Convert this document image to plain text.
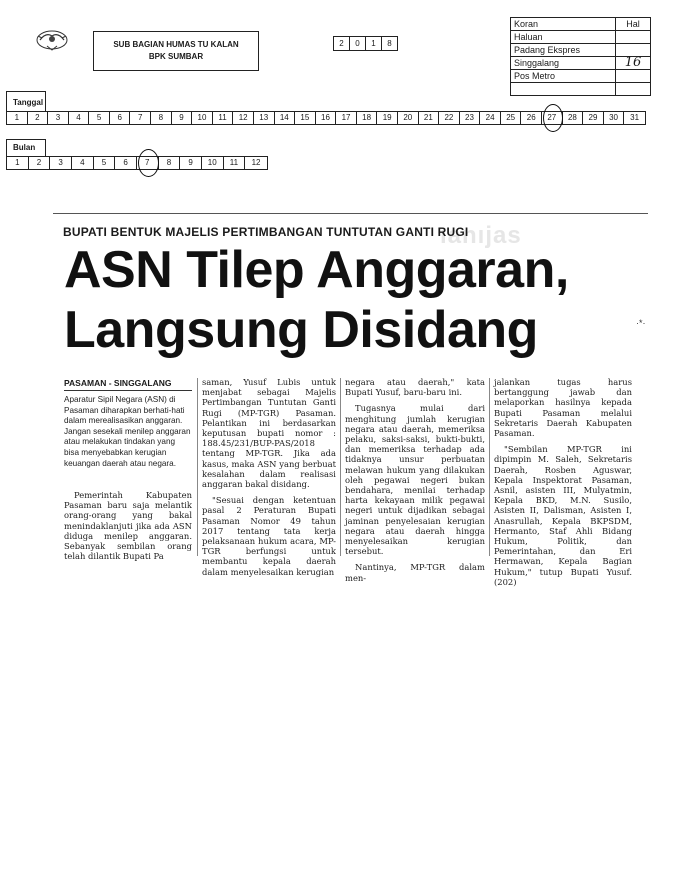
SUB BAGIAN HUMAS TU KALAN
BPK SUMBAR
2	0	1	8
Koran	Hal
Haluan	
Padang Ekspres	
Singgalang	16
Pos Metro	

Tanggal
1	2	3	4	5	6	7	8	9	10	11	12	13	14	15	16	17	18	19	20	21	22	23	24	25	26	27	28	29	30	31
Bulan
1	2	3	4	5	6	7	8	9	10	11	12
ıanıjas
BUPATI BENTUK MAJELIS PERTIMBANGAN TUNTUTAN GANTI RUGI
ASN Tilep Anggaran,
Langsung Disidang
PASAMAN - SINGGALANG
Aparatur Sipil Negara (ASN) di Pasaman diharapkan berhati-hati dalam merealisasikan anggaran. Jangan sesekali menilep anggaran atau melakukan tindakan yang bisa menyebabkan kerugian keuangan daerah atau negara.

Pemerintah Kabupaten Pasaman baru saja melantik orang-orang yang bakal menindaklanjuti jika ada ASN diduga menilep anggaran. Sebanyak sembilan orang telah dilantik Bupati Pa

saman, Yusuf Lubis untuk menjabat sebagai Majelis Pertimbangan Tuntutan Ganti Rugi (MP-TGR) Pasaman. Pelantikan ini berdasarkan keputusan bupati nomor : 188.45/231/BUP-PAS/2018 tentang MP-TGR. Jika ada kasus, maka ASN yang berbuat kesalahan dalam realisasi anggaran bakal disidang.

"Sesuai dengan ketentuan pasal 2 Peraturan Bupati Pasaman Nomor 49 tahun 2017 tentang tata kerja pelaksanaan hukum acara, MP-TGR berfungsi untuk membantu kepala daerah dalam menyelesaikan kerugian

negara atau daerah," kata Bupati Yusuf, baru-baru ini.

Tugasnya mulai dari menghitung jumlah kerugian negara atau daerah, memeriksa pelaku, saksi-saksi, bukti-bukti, dan memeriksa terhadap ada tidaknya unsur perbuatan melawan hukum yang dilakukan oleh pegawai negeri bukan bendahara, menilai terhadap harta kekayaan milik pegawai negeri untuk dijadikan sebagai jaminan penyelesaian kerugian negara atau daerah hingga menyelesaikan kerugian tersebut.

Nantinya, MP-TGR dalam men-

jalankan tugas harus bertanggung jawab dan melaporkan hasilnya kepada Bupati Pasaman melalui Sekretaris Daerah Kabupaten Pasaman.

"Sembilan MP-TGR ini dipimpin M. Saleh, Sekretaris Daerah, Rosben Aguswar, Kepala Inspektorat Pasaman, Asnil, asisten III, Mulyatmin, Kepala BKD, M.N. Susilo, Asisten II, Dalisman, Asisten I, Anasrullah, Kepala BKPSDM, Hermanto, Staf Ahli Bidang Hukum, Politik, dan Pemerintahan, dan Eri Hermawan, Kepala Bagian Hukum," tutup Bupati Yusuf. (202)

·*·
